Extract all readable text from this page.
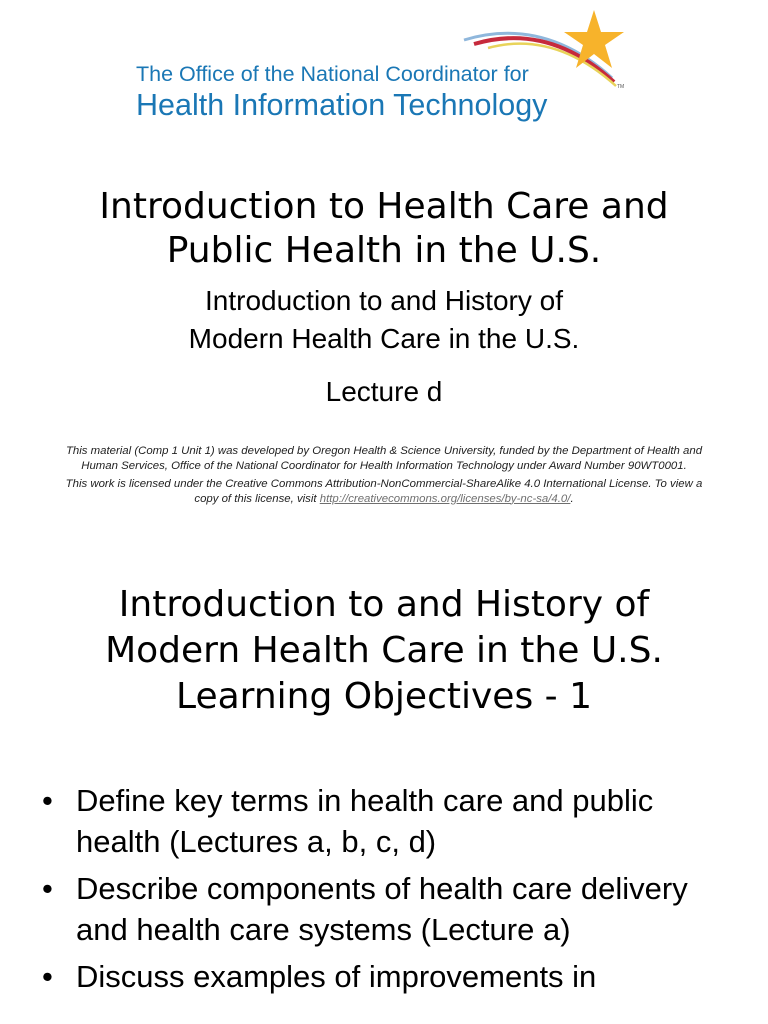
TM
The Office of the National Coordinator for
Health Information Technology
Introduction to Health Care and
Public Health in the U.S.
Introduction to and History of
Modern Health Care in the U.S.
Lecture d

This material (Comp 1 Unit 1) was developed by Oregon Health & Science University, funded by the Department of Health and Human Services, Office of the National Coordinator for Health Information Technology under Award Number 90WT0001.

This work is licensed under the Creative Commons Attribution-NonCommercial-ShareAlike 4.0 International License. To view a copy of this license, visit http://creativecommons.org/licenses/by-nc-sa/4.0/.

Introduction to and History of
Modern Health Care in the U.S.
Learning Objectives - 1
• Define key terms in health care and public health (Lectures a, b, c, d)
• Describe components of health care delivery and health care systems (Lecture a)
• Discuss examples of improvements in
